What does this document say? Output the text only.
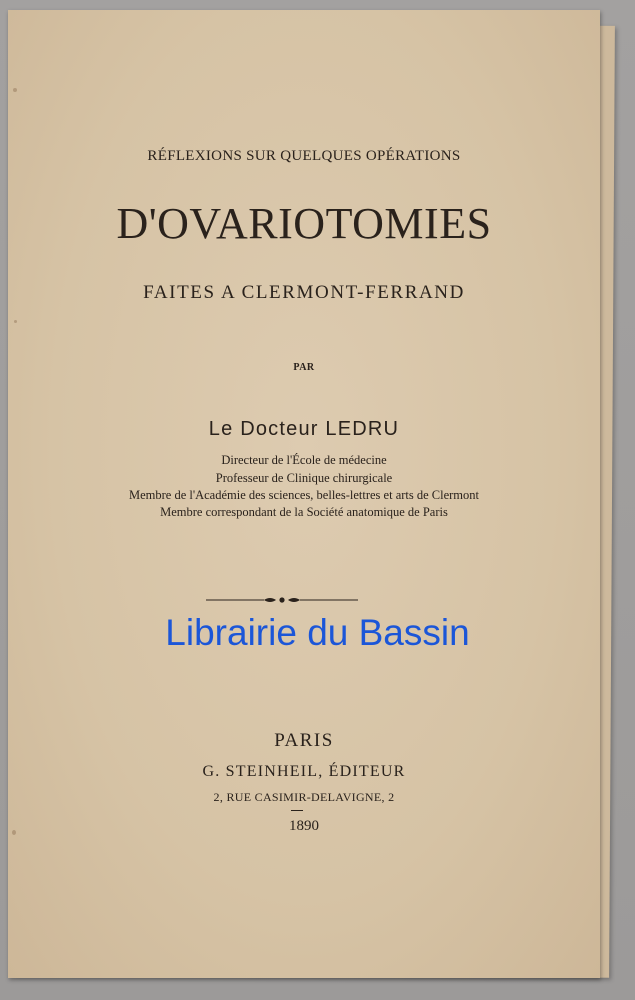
RÉFLEXIONS SUR QUELQUES OPÉRATIONS
D'OVARIOTOMIES
FAITES A CLERMONT-FERRAND
PAR
Le Docteur LEDRU
Directeur de l'École de médecine
Professeur de Clinique chirurgicale
Membre de l'Académie des sciences, belles-lettres et arts de Clermont
Membre correspondant de la Société anatomique de Paris
PARIS
G. STEINHEIL, ÉDITEUR
2, RUE CASIMIR-DELAVIGNE, 2
1890
Librairie du Bassin
